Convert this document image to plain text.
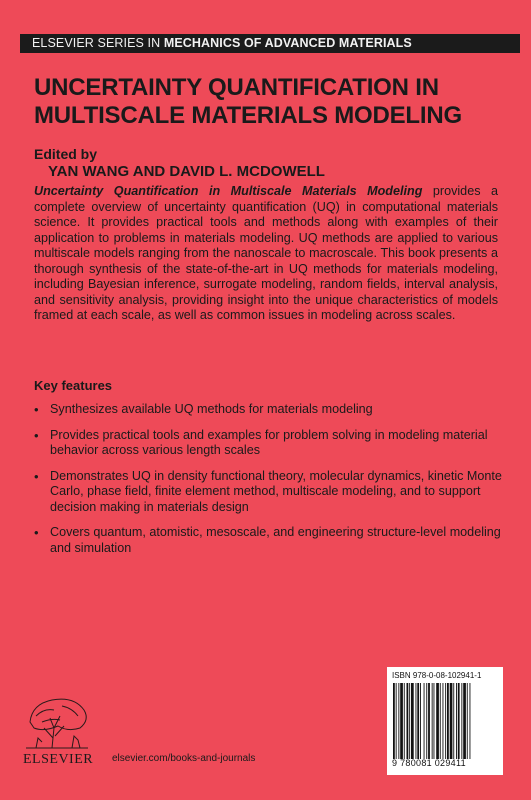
ELSEVIER SERIES IN MECHANICS OF ADVANCED MATERIALS
UNCERTAINTY QUANTIFICATION IN
MULTISCALE MATERIALS MODELING
Edited by
YAN WANG AND DAVID L. MCDOWELL
Uncertainty Quantification in Multiscale Materials Modeling provides a complete overview of uncertainty quantification (UQ) in computational materials science. It provides practical tools and methods along with examples of their application to problems in materials modeling. UQ methods are applied to various multiscale models ranging from the nanoscale to macroscale. This book presents a thorough synthesis of the state-of-the-art in UQ methods for materials modeling, including Bayesian inference, surrogate modeling, random fields, interval analysis, and sensitivity analysis, providing insight into the unique characteristics of models framed at each scale, as well as common issues in modeling across scales.
Key features
• Synthesizes available UQ methods for materials modeling
• Provides practical tools and examples for problem solving in modeling material behavior across various length scales
• Demonstrates UQ in density functional theory, molecular dynamics, kinetic Monte Carlo, phase field, finite element method, multiscale modeling, and to support decision making in materials design
• Covers quantum, atomistic, mesoscale, and engineering structure-level modeling and simulation
ELSEVIER elsevier.com/books-and-journals
ISBN 978-0-08-102941-1
9 780081 029411
